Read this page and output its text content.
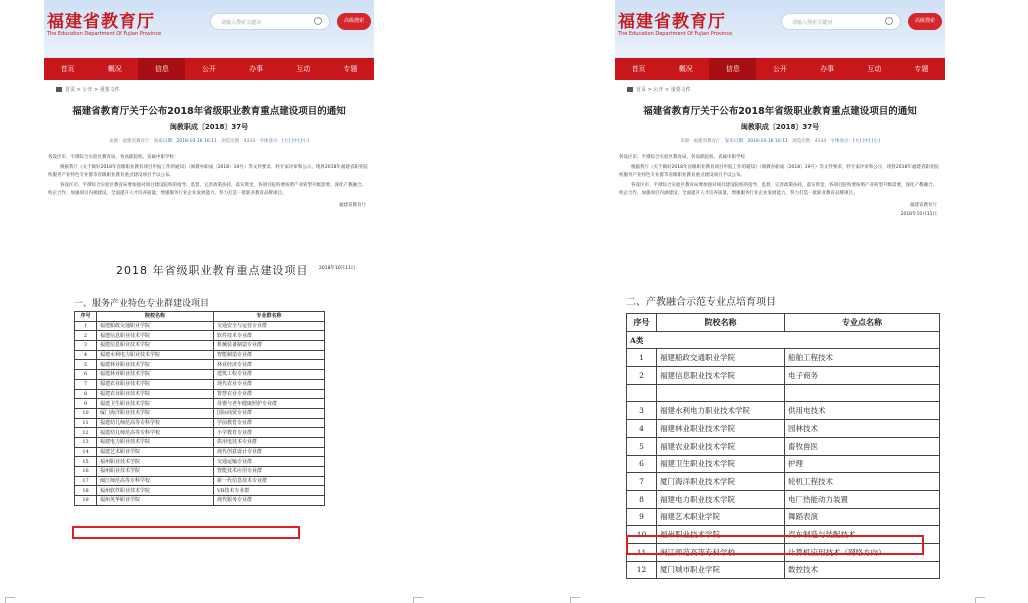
福建省教育厅
The Education Department Of Fujian Province
请输入搜索关键词	高级搜索
首页	概况	信息	公开	办事	互动	专题
首页 > 公开 > 重要文件
福建省教育厅关于公布2018年省级职业教育重点建设项目的通知
闽教职成〔2018〕37号
来源：福建省教育厅 发布日期：2018-10-16 16:11 浏览次数：4334 字体显示：[大] [中] [小]

各设区市、平潭综合实验区教育局，各高职院校、省属中职学校：

根据我厅《关于做好2018年省级职业教育项目申报工作的通知》（闽教办职成〔2018〕19号）等文件要求，经专家评审和公示，现将2018年福建省职业院校服务产业特色专业群等省级职业教育重点建设项目予以公布。

各设区市、平潭综合实验区教育局要加强对项目建设院校的指导、监督，完善政策扶持，落实资金，各项目院校要按照产业转型升级需要，深化产教融合、校企合作，加强项目内涵建设，全面提升人才培养质量，增强服务行业企业发展能力，努力打造一批职业教育品牌项目。

福建省教育厅
2018 年省级职业教育重点建设项目 2018年10月11日
一、服务产业特色专业群建设项目
序号	院校名称	专业群名称
1	福建船政交通职业学院	交通安全与运营专业群
2	福建信息职业技术学院	软件技术专业群
3	福建信息职业技术学院	机械装备制造专业群
4	福建水利电力职业技术学院	智能制造专业群
5	福建林业职业技术学院	林业经济专业群
6	福建林业职业技术学院	建筑工程专业群
7	福建农业职业技术学院	现代农业专业群
8	福建农业职业技术学院	智慧农业专业群
9	福建卫生职业技术学院	母婴与老年健康照护专业群
10	厦门海洋职业技术学院	国际商贸专业群
11	福建幼儿师范高等专科学校	学前教育专业群
12	福建幼儿师范高等专科学校	小学教育专业群
13	福建电力职业技术学院	供用电技术专业群
14	福建艺术职业学院	现代创意设计专业群
15	福州职业技术学院	交通运输专业群
16	福州职业技术学院	智能技术应用专业群
17	闽江师范高等专科学校	新一代信息技术专业群
18	福州软件职业技术学院	VR技术专业群
19	福州英华职业学院	现代服务专业群
福建省教育厅
The Education Department Of Fujian Province
请输入搜索关键词	高级搜索
首页	概况	信息	公开	办事	互动	专题
首页 > 公开 > 重要文件
福建省教育厅关于公布2018年省级职业教育重点建设项目的通知
闽教职成〔2018〕37号
来源：福建省教育厅 发布日期：2018-10-16 16:11 浏览次数：4334 字体显示：[大] [中] [小]

各设区市、平潭综合实验区教育局，各高职院校、省属中职学校：

根据我厅《关于做好2018年省级职业教育项目申报工作的通知》（闽教办职成〔2018〕19号）等文件要求，经专家评审和公示，现将2018年福建省职业院校服务产业特色专业群等省级职业教育重点建设项目予以公布。

各设区市、平潭综合实验区教育局要加强对项目建设院校的指导、监督，完善政策扶持，落实资金，各项目院校要按照产业转型升级需要，深化产教融合、校企合作，加强项目内涵建设，全面提升人才培养质量，增强服务行业企业发展能力，努力打造一批职业教育品牌项目。

福建省教育厅
2018年10月11日
二、产教融合示范专业点培育项目
序号	院校名称	专业点名称
A类		
1	福建船政交通职业学院	船舶工程技术
2	福建信息职业技术学院	电子商务

3	福建水利电力职业技术学院	供用电技术
4	福建林业职业技术学院	园林技术
5	福建农业职业技术学院	畜牧兽医
6	福建卫生职业技术学院	护理
7	厦门海洋职业技术学院	轮机工程技术
8	福建电力职业技术学院	电厂热能动力装置
9	福建艺术职业学院	舞蹈表演
10	福州职业技术学院	汽车制造与装配技术
11	闽江师范高等专科学校	计算机应用技术（网络方向）
12	厦门城市职业学院	数控技术
